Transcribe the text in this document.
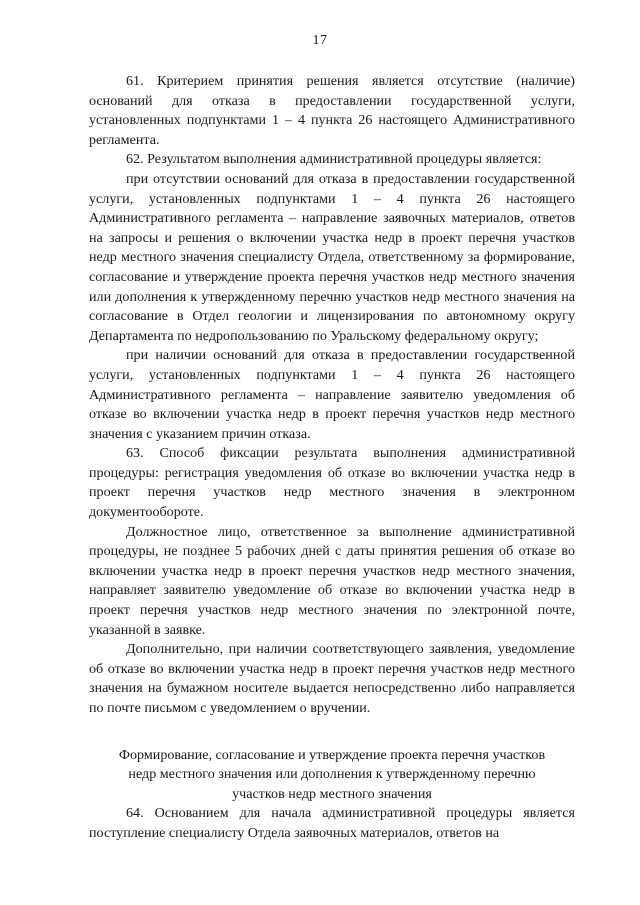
17

61. Критерием принятия решения является отсутствие (наличие) оснований для отказа в предоставлении государственной услуги, установленных подпунктами 1 – 4 пункта 26 настоящего Административного регламента.

62. Результатом выполнения административной процедуры является:

при отсутствии оснований для отказа в предоставлении государственной услуги, установленных подпунктами 1 – 4 пункта 26 настоящего Административного регламента – направление заявочных материалов, ответов на запросы и решения о включении участка недр в проект перечня участков недр местного значения специалисту Отдела, ответственному за формирование, согласование и утверждение проекта перечня участков недр местного значения или дополнения к утвержденному перечню участков недр местного значения на согласование в Отдел геологии и лицензирования по автономному округу Департамента по недропользованию по Уральскому федеральному округу;

при наличии оснований для отказа в предоставлении государственной услуги, установленных подпунктами 1 – 4 пункта 26 настоящего Административного регламента – направление заявителю уведомления об отказе во включении участка недр в проект перечня участков недр местного значения с указанием причин отказа.

63. Способ фиксации результата выполнения административной процедуры: регистрация уведомления об отказе во включении участка недр в проект перечня участков недр местного значения в электронном документообороте.

Должностное лицо, ответственное за выполнение административной процедуры, не позднее 5 рабочих дней с даты принятия решения об отказе во включении участка недр в проект перечня участков недр местного значения, направляет заявителю уведомление об отказе во включении участка недр в проект перечня участков недр местного значения по электронной почте, указанной в заявке.

Дополнительно, при наличии соответствующего заявления, уведомление об отказе во включении участка недр в проект перечня участков недр местного значения на бумажном носителе выдается непосредственно либо направляется по почте письмом с уведомлением о вручении.

Формирование, согласование и утверждение проекта перечня участков
недр местного значения или дополнения к утвержденному перечню
участков недр местного значения

64. Основанием для начала административной процедуры является поступление специалисту Отдела заявочных материалов, ответов на
